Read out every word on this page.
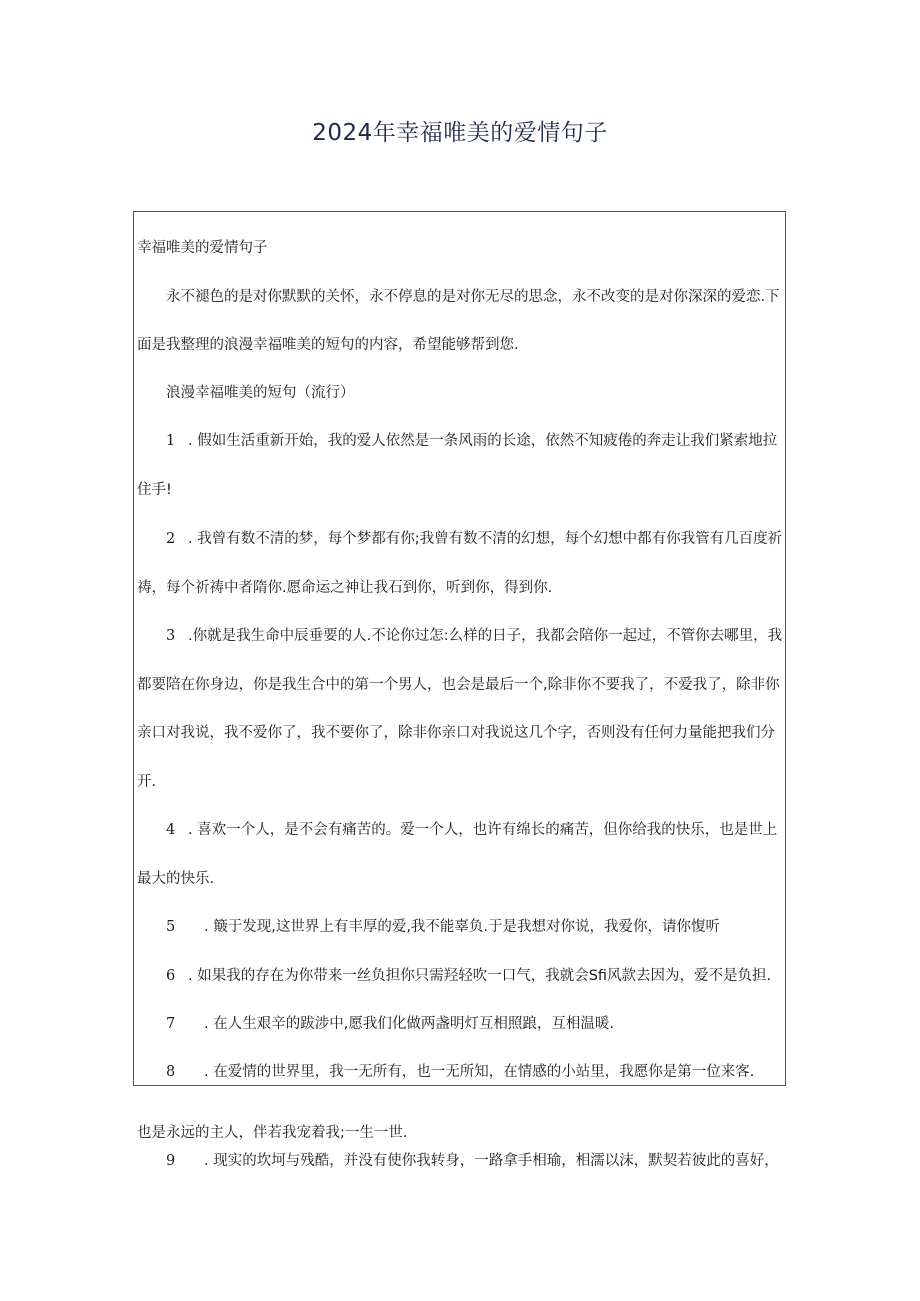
2024年幸福唯美的爱情句子
幸福唯美的爱情句子
永不褪色的是对你默默的关怀，永不停息的是对你无尽的思念，永不改变的是对你深深的爱恋.下
面是我整理的浪漫幸福唯美的短句的内容，希望能够帮到您.
浪漫幸福唯美的短句（流行）
1 . 假如生活重新开始，我的爱人依然是一条风雨的长途，依然不知疲倦的奔走让我们紧索地拉
住手!
2 . 我曾有数不清的梦，每个梦都有你;我曾有数不清的幻想，每个幻想中都有你我管有几百度祈
祷，每个祈祷中者隋你.愿命运之神让我石到你，听到你，得到你.
3 .你就是我生命中辰垂要的人.不论你过怎:么样的日子，我都会陪你一起过，不管你去哪里，我
都要陪在你身边，你是我生合中的第一个男人，也会是最后一个,除非你不要我了，不爱我了，除非你
亲口对我说，我不爱你了，我不要你了，除非你亲口对我说这几个字，否则没有任何力量能把我们分
开.
4 . 喜欢一个人，是不会有痛苦的。爱一个人，也许有绵长的痛苦，但你给我的快乐，也是世上
最大的快乐.
5 . 簸于发现,这世界上有丰厚的爱,我不能辜负.于是我想对你说，我爱你，请你愎听
6 . 如果我的存在为你带来一丝负担你只需羟轻吹一口气，我就会Sfi风款去因为，爱不是负担.
7 . 在人生艰辛的跋涉中,愿我们化做两盏明灯互相照踉，互相温暖.
8 . 在爱情的世界里，我一无所有，也一无所知，在情感的小站里，我愿你是第一位来客.
也是永远的主人，伴若我宠着我;一生一世.
9 . 现实的坎坷与残酷，并没有使你我转身，一路拿手相瑜，相濡以沫，默契若彼此的喜好，
